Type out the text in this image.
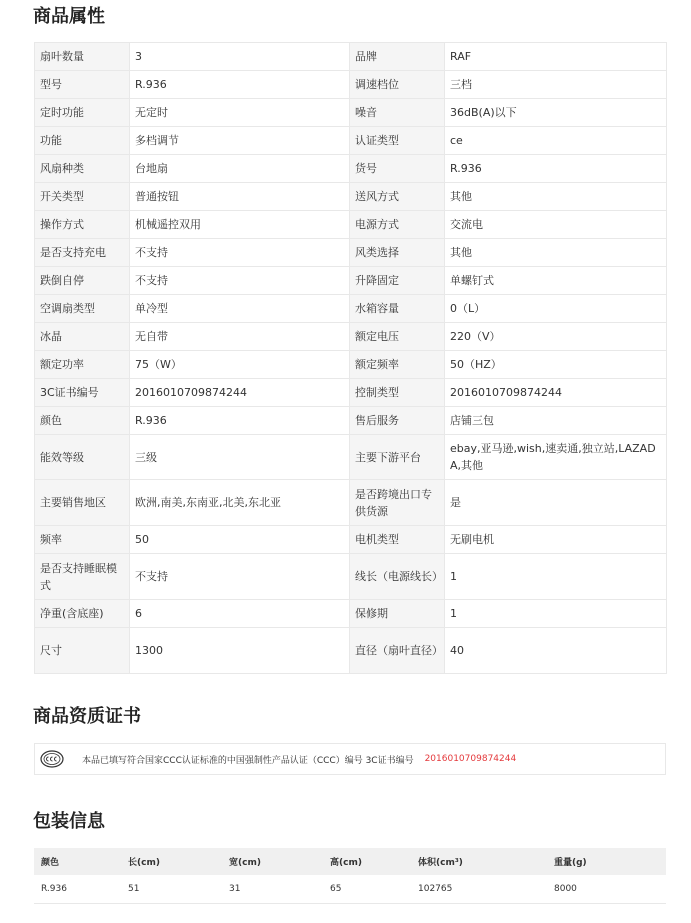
商品属性
扇叶数量	3	品牌	RAF
型号	R.936	调速档位	三档
定时功能	无定时	噪音	36dB(A)以下
功能	多档调节	认证类型	ce
风扇种类	台地扇	货号	R.936
开关类型	普通按钮	送风方式	其他
操作方式	机械遥控双用	电源方式	交流电
是否支持充电	不支持	风类选择	其他
跌倒自停	不支持	升降固定	单螺钉式
空调扇类型	单冷型	水箱容量	0（L）
冰晶	无自带	额定电压	220（V）
额定功率	75（W）	额定频率	50（HZ）
3C证书编号	2016010709874244	控制类型	2016010709874244
颜色	R.936	售后服务	店铺三包
能效等级	三级	主要下游平台	ebay,亚马逊,wish,速卖通,独立站,LAZADA,其他
主要销售地区	欧洲,南美,东南亚,北美,东北亚	是否跨境出口专供货源	是
频率	50	电机类型	无刷电机
是否支持睡眠模式	不支持	线长（电源线长）	1
净重(含底座)	6	保修期	1
尺寸	1300	直径（扇叶直径）	40
商品资质证书
本品已填写符合国家CCC认证标准的中国强制性产品认证（CCC）编号 3C证书编号 2016010709874244
包装信息
颜色	长(cm)	宽(cm)	高(cm)	体积(cm³)	重量(g)
R.936	51	31	65	102765	8000
